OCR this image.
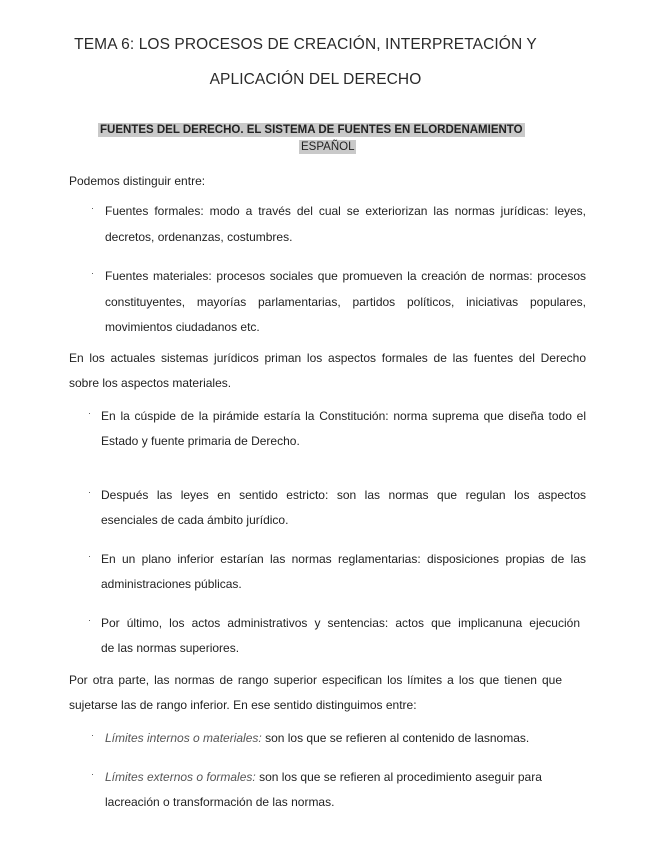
TEMA 6: LOS PROCESOS DE CREACIÓN, INTERPRETACIÓN Y
APLICACIÓN DEL DERECHO
FUENTES DEL DERECHO. EL SISTEMA DE FUENTES EN ELORDENAMIENTO
ESPAÑOL
Podemos distinguir entre:
· Fuentes formales: modo a través del cual se exteriorizan las normas jurídicas: leyes,
decretos, ordenanzas, costumbres.
· Fuentes materiales: procesos sociales que promueven la creación de normas: procesos
constituyentes, mayorías parlamentarias, partidos políticos, iniciativas populares,
movimientos ciudadanos etc.
En los actuales sistemas jurídicos priman los aspectos formales de las fuentes del Derecho
sobre los aspectos materiales.
· En la cúspide de la pirámide estaría la Constitución: norma suprema que diseña todo el
Estado y fuente primaria de Derecho.
· Después las leyes en sentido estricto: son las normas que regulan los aspectos
esenciales de cada ámbito jurídico.
· En un plano inferior estarían las normas reglamentarias: disposiciones propias de las
administraciones públicas.
· Por último, los actos administrativos y sentencias: actos que implicanuna ejecución
de las normas superiores.
Por otra parte, las normas de rango superior especifican los límites a los que tienen que
sujetarse las de rango inferior. En ese sentido distinguimos entre:
· Límites internos o materiales: son los que se refieren al contenido de lasnomas.
· Límites externos o formales: son los que se refieren al procedimiento aseguir para
lacreación o transformación de las normas.
